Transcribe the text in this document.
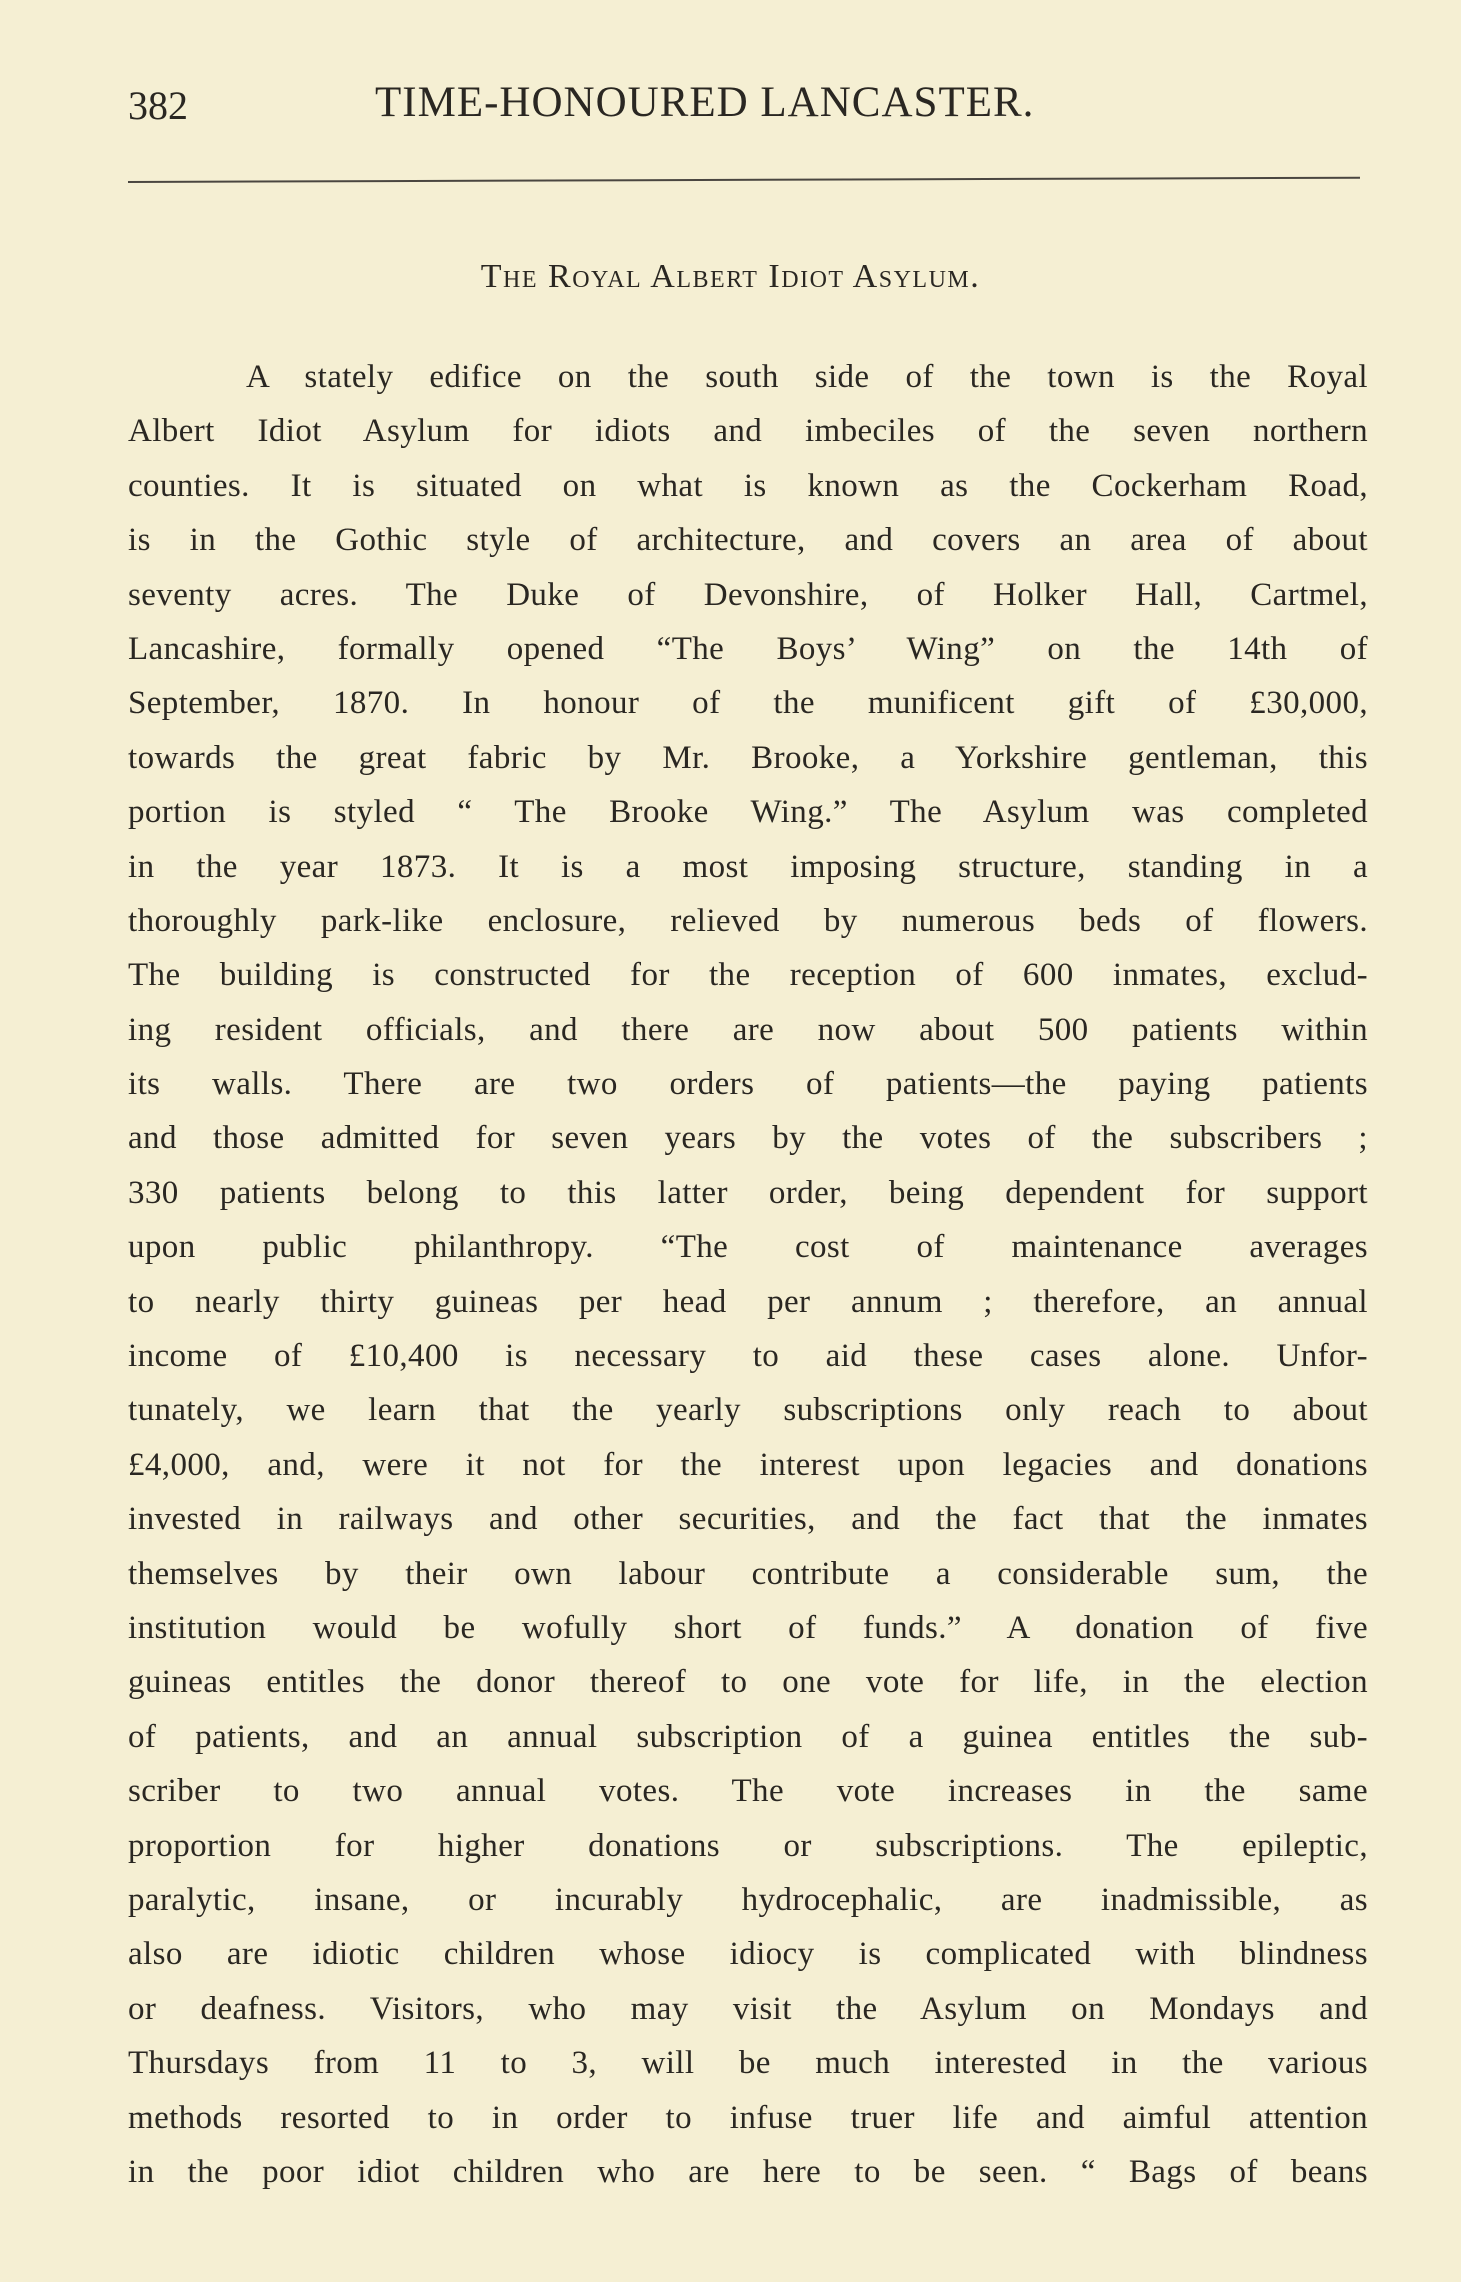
382	TIME-HONOURED LANCASTER.
The Royal Albert Idiot Asylum.
A stately edifice on the south side of the town is the Royal
Albert Idiot Asylum for idiots and imbeciles of the seven northern
counties. It is situated on what is known as the Cockerham Road,
is in the Gothic style of architecture, and covers an area of about
seventy acres. The Duke of Devonshire, of Holker Hall, Cartmel,
Lancashire, formally opened “The Boys’ Wing” on the 14th of
September, 1870. In honour of the munificent gift of £30,000,
towards the great fabric by Mr. Brooke, a Yorkshire gentleman, this
portion is styled “ The Brooke Wing.” The Asylum was completed
in the year 1873. It is a most imposing structure, standing in a
thoroughly park-like enclosure, relieved by numerous beds of flowers.
The building is constructed for the reception of 600 inmates, exclud-
ing resident officials, and there are now about 500 patients within
its walls. There are two orders of patients—the paying patients
and those admitted for seven years by the votes of the subscribers ;
330 patients belong to this latter order, being dependent for support
upon public philanthropy. “The cost of maintenance averages
to nearly thirty guineas per head per annum ; therefore, an annual
income of £10,400 is necessary to aid these cases alone. Unfor-
tunately, we learn that the yearly subscriptions only reach to about
£4,000, and, were it not for the interest upon legacies and donations
invested in railways and other securities, and the fact that the inmates
themselves by their own labour contribute a considerable sum, the
institution would be wofully short of funds.” A donation of five
guineas entitles the donor thereof to one vote for life, in the election
of patients, and an annual subscription of a guinea entitles the sub-
scriber to two annual votes. The vote increases in the same
proportion for higher donations or subscriptions. The epileptic,
paralytic, insane, or incurably hydrocephalic, are inadmissible, as
also are idiotic children whose idiocy is complicated with blindness
or deafness. Visitors, who may visit the Asylum on Mondays and
Thursdays from 11 to 3, will be much interested in the various
methods resorted to in order to infuse truer life and aimful attention
in the poor idiot children who are here to be seen. “ Bags of beans
